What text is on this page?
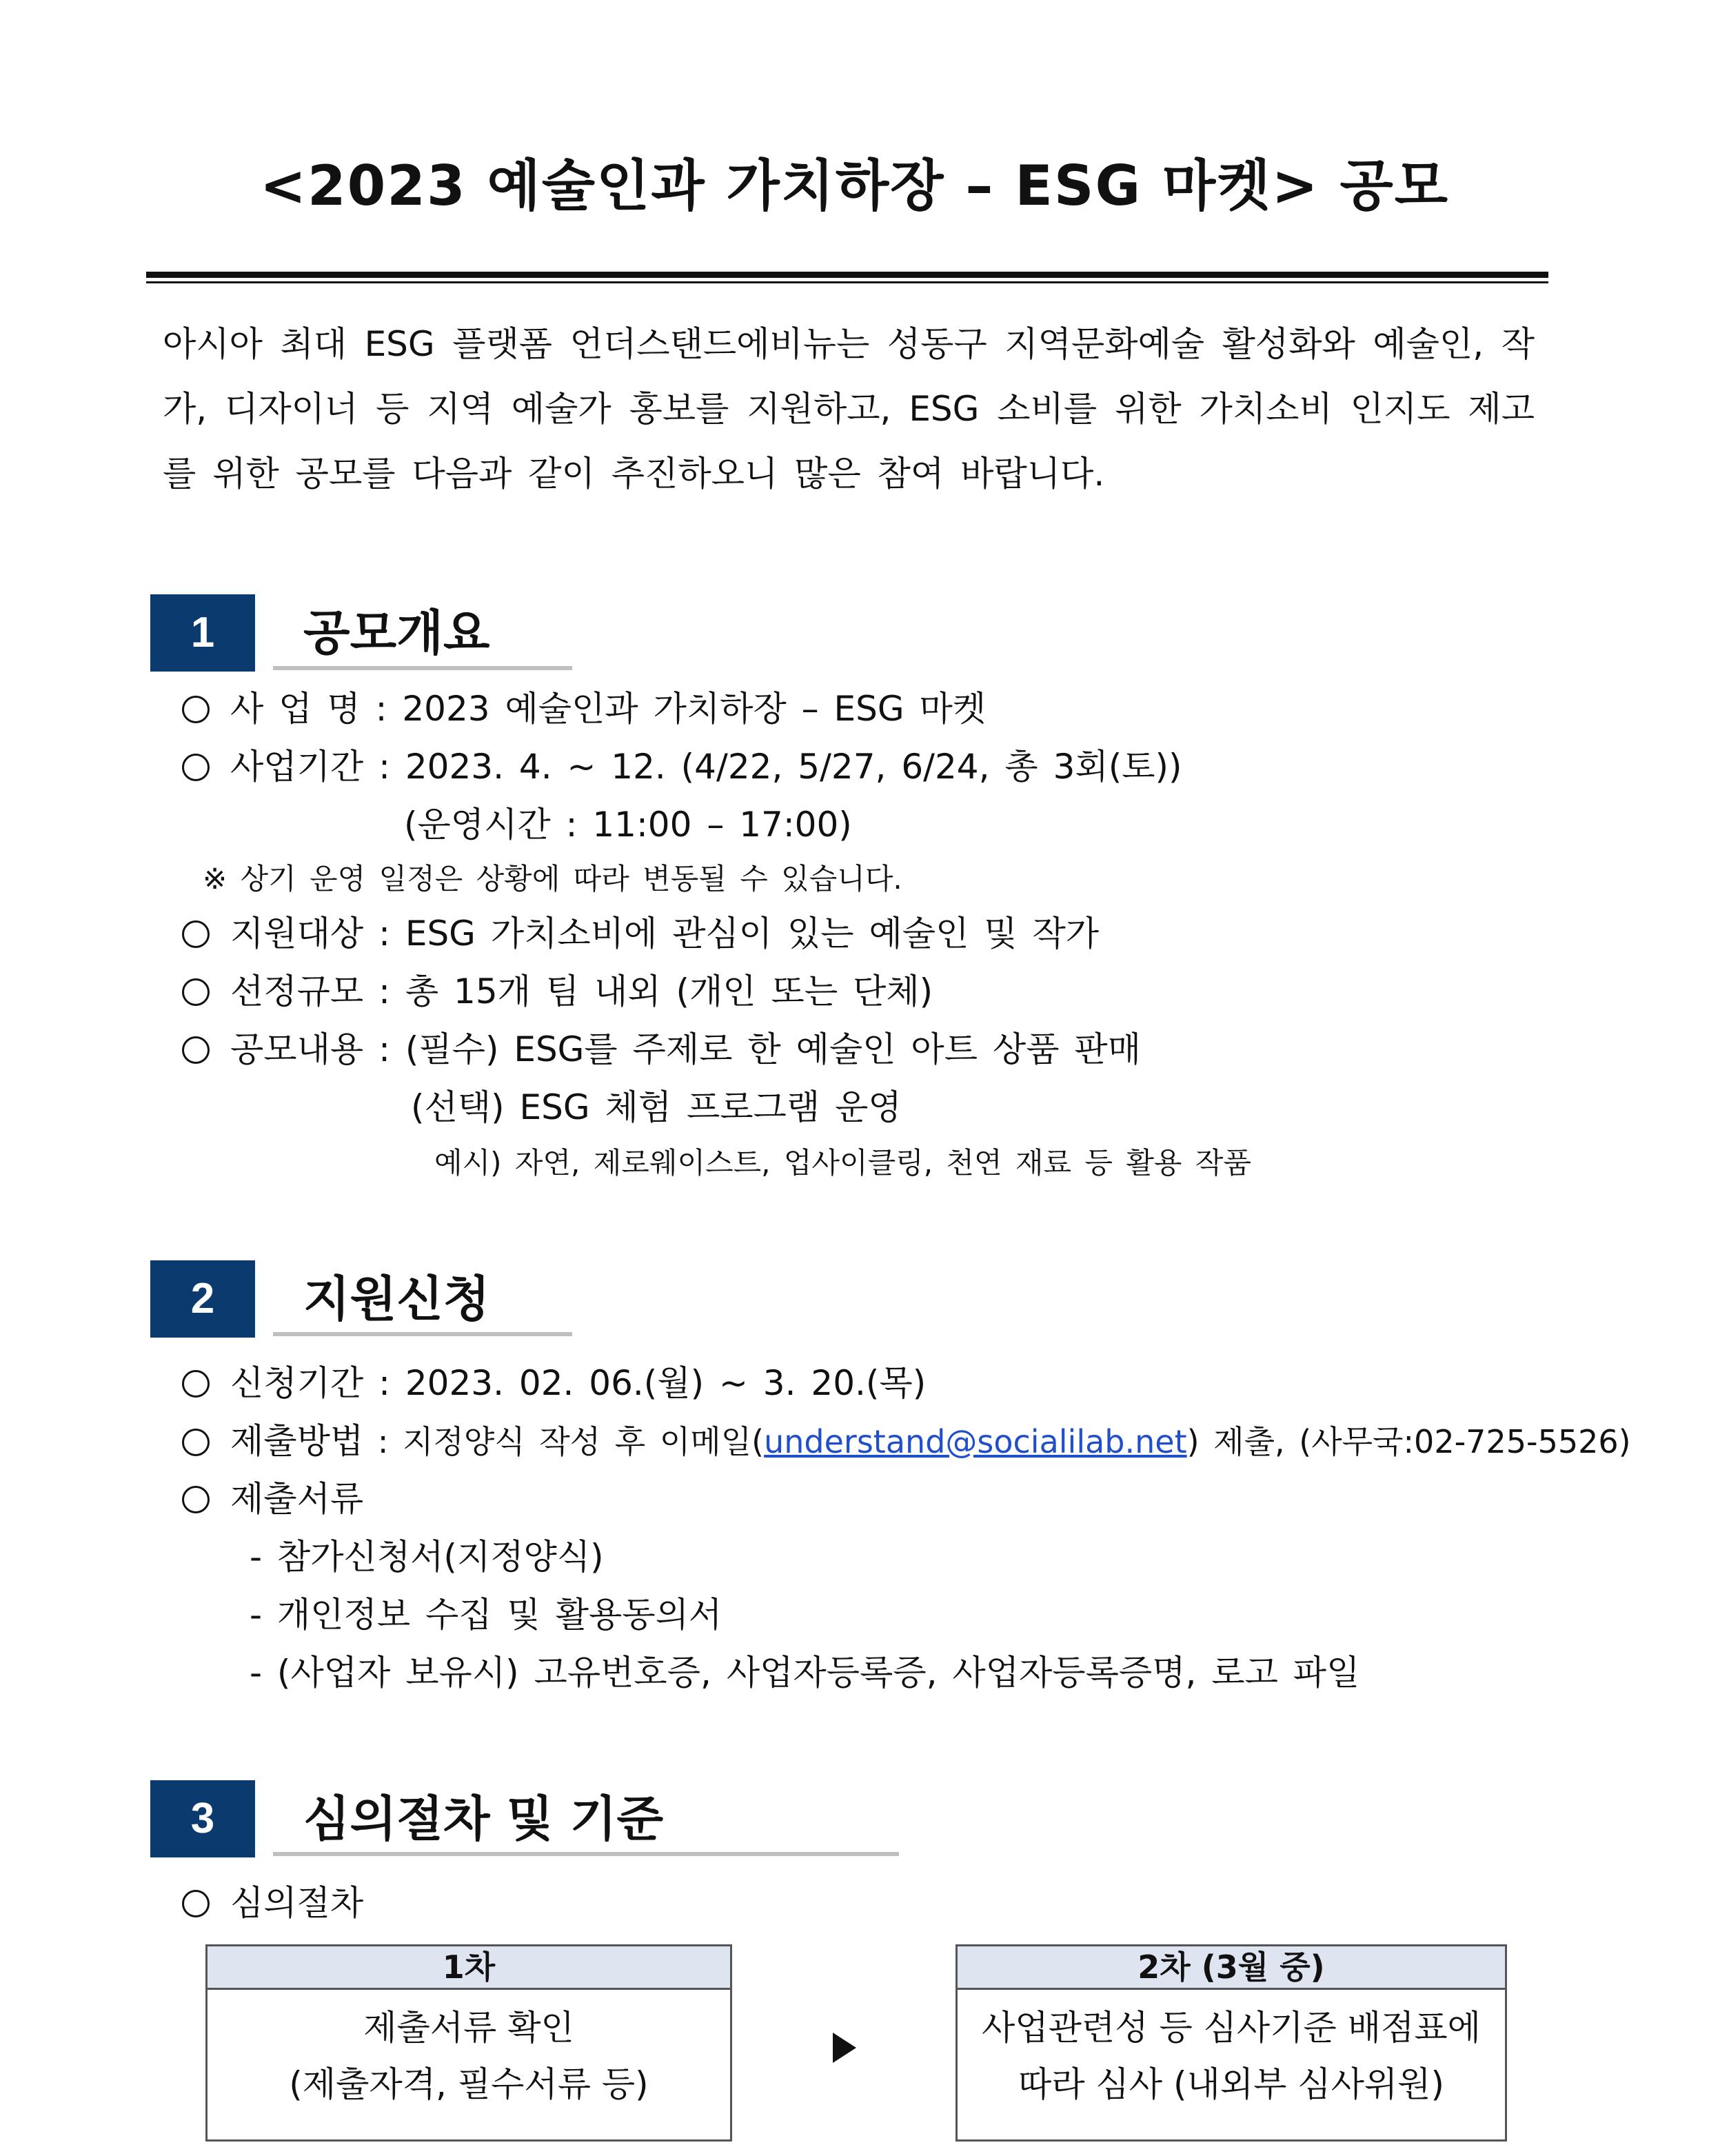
<2023 예술인과 가치하장 – ESG 마켓> 공모
아시아 최대 ESG 플랫폼 언더스탠드에비뉴는 성동구 지역문화예술 활성화와 예술인, 작가, 디자이너 등 지역 예술가 홍보를 지원하고, ESG 소비를 위한 가치소비 인지도 제고를 위한 공모를 다음과 같이 추진하오니 많은 참여 바랍니다.
1	공모개요
사 업 명 : 2023 예술인과 가치하장 – ESG 마켓
사업기간 : 2023. 4. ~ 12. (4/22, 5/27, 6/24, 총 3회(토))
(운영시간 : 11:00 – 17:00)
※ 상기 운영 일정은 상황에 따라 변동될 수 있습니다.
지원대상 : ESG 가치소비에 관심이 있는 예술인 및 작가
선정규모 : 총 15개 팀 내외 (개인 또는 단체)
공모내용 : (필수) ESG를 주제로 한 예술인 아트 상품 판매
(선택) ESG 체험 프로그램 운영
예시) 자연, 제로웨이스트, 업사이클링, 천연 재료 등 활용 작품
2	지원신청
신청기간 : 2023. 02. 06.(월) ~ 3. 20.(목)
제출방법 : 지정양식 작성 후 이메일(understand@socialilab.net) 제출, (사무국:02-725-5526)
제출서류
- 참가신청서(지정양식)
- 개인정보 수집 및 활용동의서
- (사업자 보유시) 고유번호증, 사업자등록증, 사업자등록증명, 로고 파일
3	심의절차 및 기준
심의절차
1차
제출서류 확인
(제출자격, 필수서류 등)
2차 (3월 중)
사업관련성 등 심사기준 배점표에
따라 심사 (내외부 심사위원)
